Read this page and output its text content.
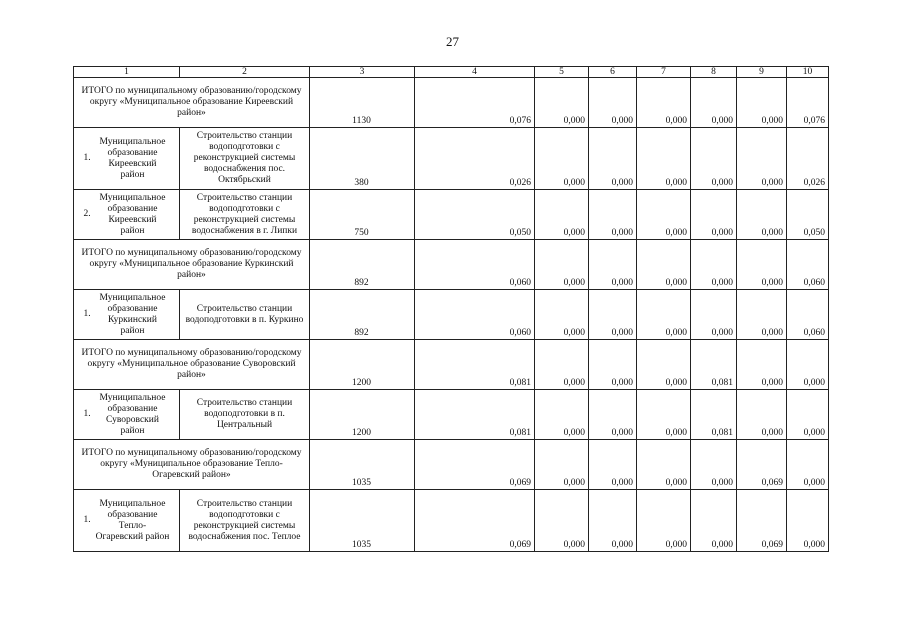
27
1	2	3	4	5	6	7	8	9	10
ИТОГО по муниципальному образованию/городскому округу «Муниципальное образование Киреевский район»		1130	0,076	0,000	0,000	0,000	0,000	0,000	0,076
1.Муниципальное образование Киреевский район	Строительство станции водоподготовки с реконструкцией системы водоснабжения пос. Октябрьский	380	0,026	0,000	0,000	0,000	0,000	0,000	0,026
2.Муниципальное образование Киреевский район	Строительство станции водоподготовки с реконструкцией системы водоснабжения в г. Липки	750	0,050	0,000	0,000	0,000	0,000	0,000	0,050
ИТОГО по муниципальному образованию/городскому округу «Муниципальное образование Куркинский район»		892	0,060	0,000	0,000	0,000	0,000	0,000	0,060
1.Муниципальное образование Куркинский район	Строительство станции водоподготовки в п. Куркино	892	0,060	0,000	0,000	0,000	0,000	0,000	0,060
ИТОГО по муниципальному образованию/городскому округу «Муниципальное образование Суворовский район»		1200	0,081	0,000	0,000	0,000	0,081	0,000	0,000
1.Муниципальное образование Суворовский район	Строительство станции водоподготовки в п. Центральный	1200	0,081	0,000	0,000	0,000	0,081	0,000	0,000
ИТОГО по муниципальному образованию/городскому округу «Муниципальное образование Тепло-Огаревский район»		1035	0,069	0,000	0,000	0,000	0,000	0,069	0,000
1.Муниципальное образование Тепло-Огаревский район	Строительство станции водоподготовки с реконструкцией системы водоснабжения пос. Теплое	1035	0,069	0,000	0,000	0,000	0,000	0,069	0,000
